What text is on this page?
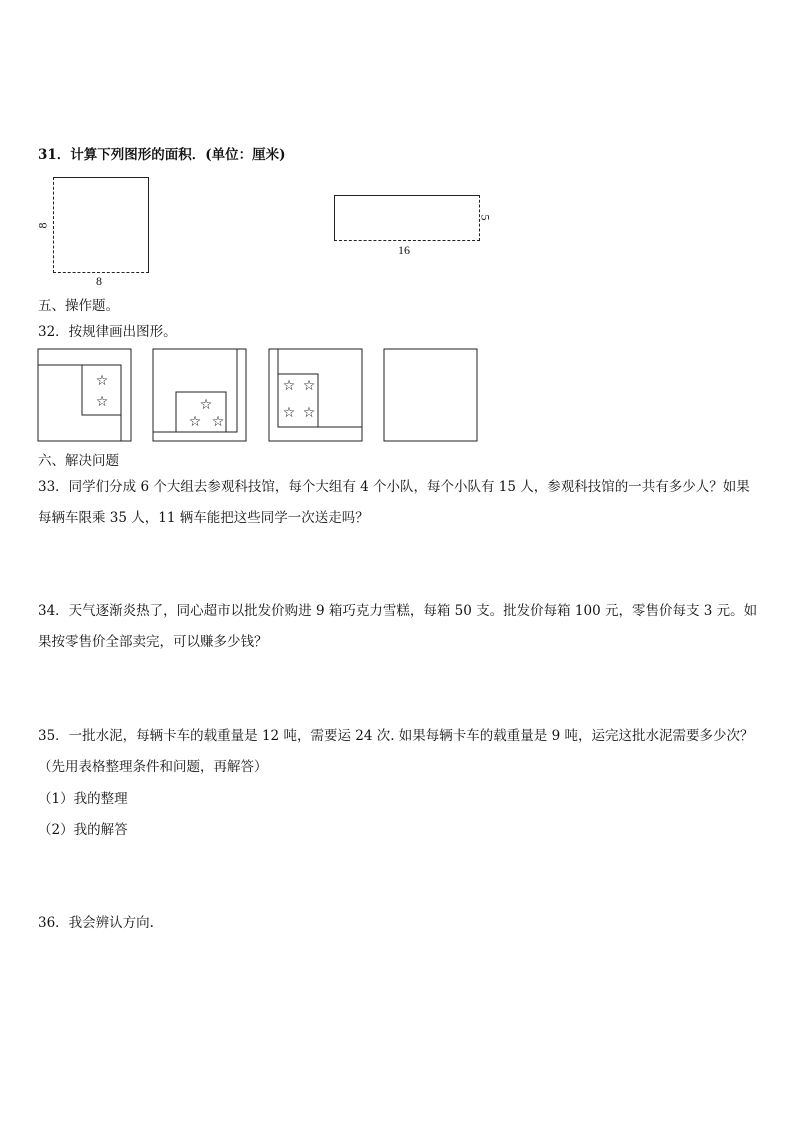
31．计算下列图形的面积．(单位：厘米)
8
8
5
16
五、操作题。
32．按规律画出图形。
☆
☆	☆
☆ ☆
☆ ☆
☆ ☆
六、解决问题
33．同学们分成 6 个大组去参观科技馆，每个大组有 4 个小队，每个小队有 15 人，参观科技馆的一共有多少人？如果
每辆车限乘 35 人，11 辆车能把这些同学一次送走吗？
34．天气逐渐炎热了，同心超市以批发价购进 9 箱巧克力雪糕，每箱 50 支。批发价每箱 100 元，零售价每支 3 元。如
果按零售价全部卖完，可以赚多少钱？
35．一批水泥，每辆卡车的载重量是 12 吨，需要运 24 次. 如果每辆卡车的载重量是 9 吨，运完这批水泥需要多少次？
（先用表格整理条件和问题，再解答）
（1）我的整理
（2）我的解答
36．我会辨认方向.
